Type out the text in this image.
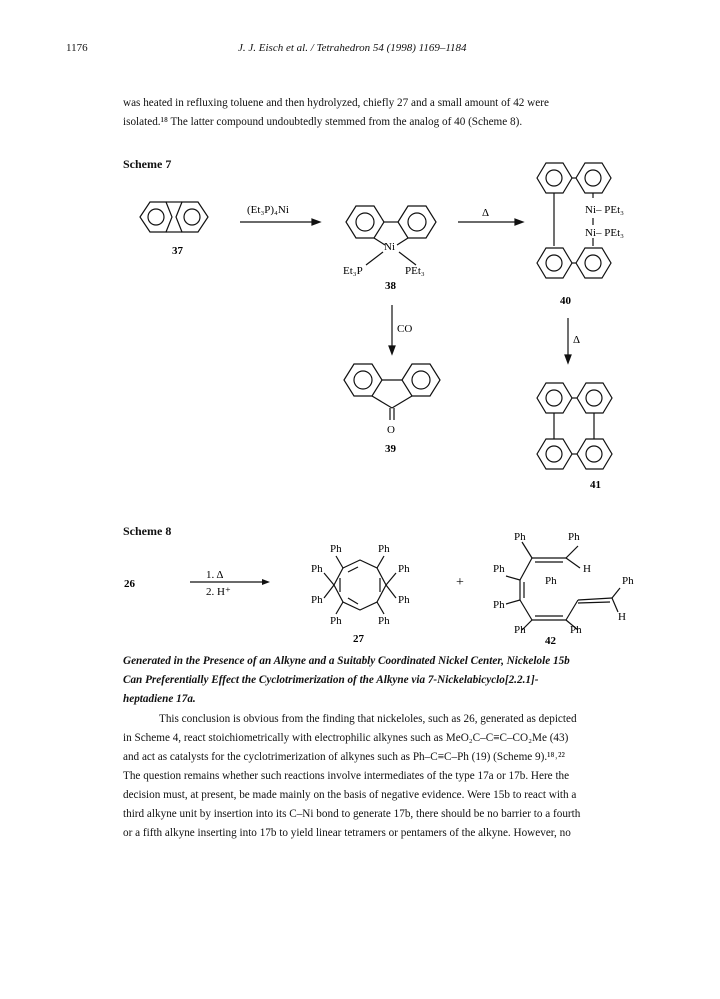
1176	J. J. Eisch et al. / Tetrahedron 54 (1998) 1169–1184

was heated in refluxing toluene and then hydrolyzed, chiefly 27 and a small amount of 42 were

isolated.¹⁸ The latter compound undoubtedly stemmed from the analog of 40 (Scheme 8).

Scheme 7
(Et₃P)₄Ni	Δ
37	Ni
Et₃P	PEt₃
38
Ni– PEt₃
Ni– PEt₃
40
CO
Δ
O
39
41
Scheme 8
26
1. Δ
2. H⁺
Ph	Ph
Ph	Ph
Ph	Ph
Ph	Ph
27
+
Ph	Ph
H
Ph
Ph	Ph
Ph
H
Ph	Ph
42

Generated in the Presence of an Alkyne and a Suitably Coordinated Nickel Center, Nickelole 15b

Can Preferentially Effect the Cyclotrimerization of the Alkyne via 7-Nickelabicyclo[2.2.1]-

heptadiene 17a.

This conclusion is obvious from the finding that nickeloles, such as 26, generated as depicted

in Scheme 4, react stoichiometrically with electrophilic alkynes such as MeO₂C–C≡C–CO₂Me (43)

and act as catalysts for the cyclotrimerization of alkynes such as Ph–C≡C–Ph (19) (Scheme 9).¹⁸˒²²

The question remains whether such reactions involve intermediates of the type 17a or 17b. Here the

decision must, at present, be made mainly on the basis of negative evidence. Were 15b to react with a

third alkyne unit by insertion into its C–Ni bond to generate 17b, there should be no barrier to a fourth

or a fifth alkyne inserting into 17b to yield linear tetramers or pentamers of the alkyne. However, no
